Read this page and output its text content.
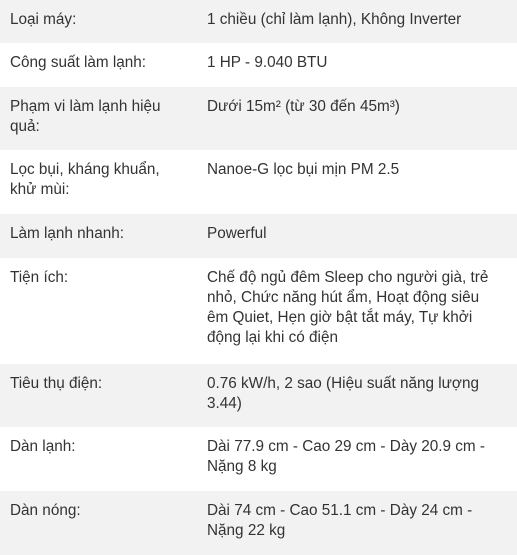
Loại máy:	1 chiều (chỉ làm lạnh), Không Inverter
Công suất làm lạnh:	1 HP - 9.040 BTU
Phạm vi làm lạnh hiệu quả:	Dưới 15m² (từ 30 đến 45m³)
Lọc bụi, kháng khuẩn, khử mùi:	Nanoe-G lọc bụi mịn PM 2.5
Làm lạnh nhanh:	Powerful
Tiện ích:	Chế độ ngủ đêm Sleep cho người già, trẻ nhỏ, Chức năng hút ẩm, Hoạt động siêu êm Quiet, Hẹn giờ bật tắt máy, Tự khởi động lại khi có điện
Tiêu thụ điện:	0.76 kW/h, 2 sao (Hiệu suất năng lượng 3.44)
Dàn lạnh:	Dài 77.9 cm - Cao 29 cm - Dày 20.9 cm - Nặng 8 kg
Dàn nóng:	Dài 74 cm - Cao 51.1 cm - Dày 24 cm - Nặng 22 kg
